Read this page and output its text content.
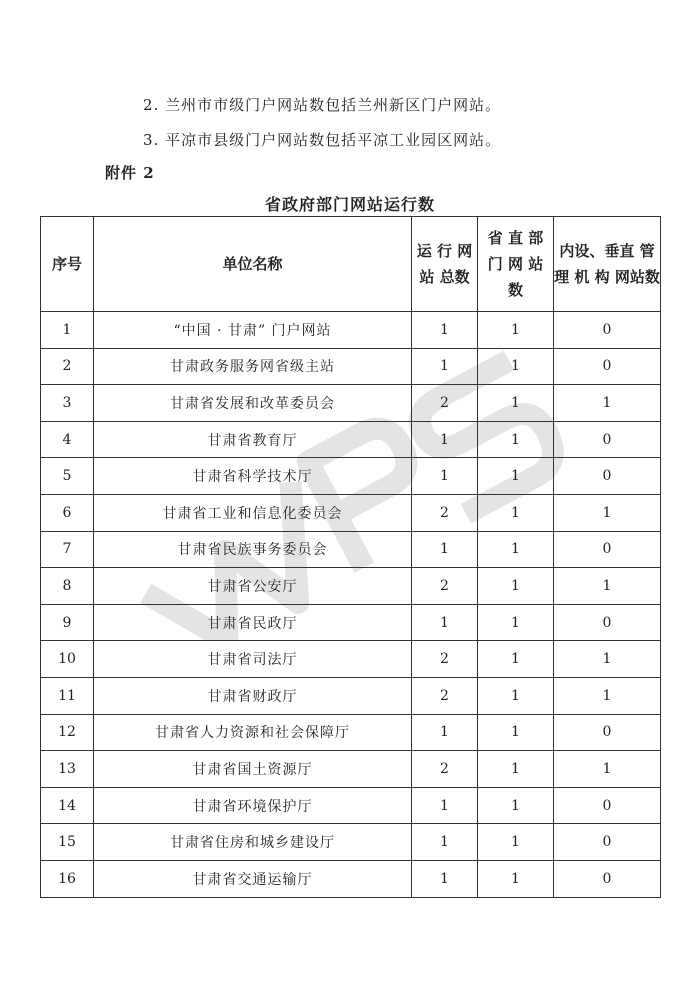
2. 兰州市市级门户网站数包括兰州新区门户网站。
3. 平凉市县级门户网站数包括平凉工业园区网站。
附件 2
省政府部门网站运行数
序号	单位名称	运 行 网 站 总数	省 直 部 门 网 站 数	内设、垂直 管 理 机 构 网站数
1	“中国 · 甘肃” 门户网站	1	1	0
2	甘肃政务服务网省级主站	1	1	0
3	甘肃省发展和改革委员会	2	1	1
4	甘肃省教育厅	1	1	0
5	甘肃省科学技术厅	1	1	0
6	甘肃省工业和信息化委员会	2	1	1
7	甘肃省民族事务委员会	1	1	0
8	甘肃省公安厅	2	1	1
9	甘肃省民政厅	1	1	0
10	甘肃省司法厅	2	1	1
11	甘肃省财政厅	2	1	1
12	甘肃省人力资源和社会保障厅	1	1	0
13	甘肃省国土资源厅	2	1	1
14	甘肃省环境保护厅	1	1	0
15	甘肃省住房和城乡建设厅	1	1	0
16	甘肃省交通运输厅	1	1	0
